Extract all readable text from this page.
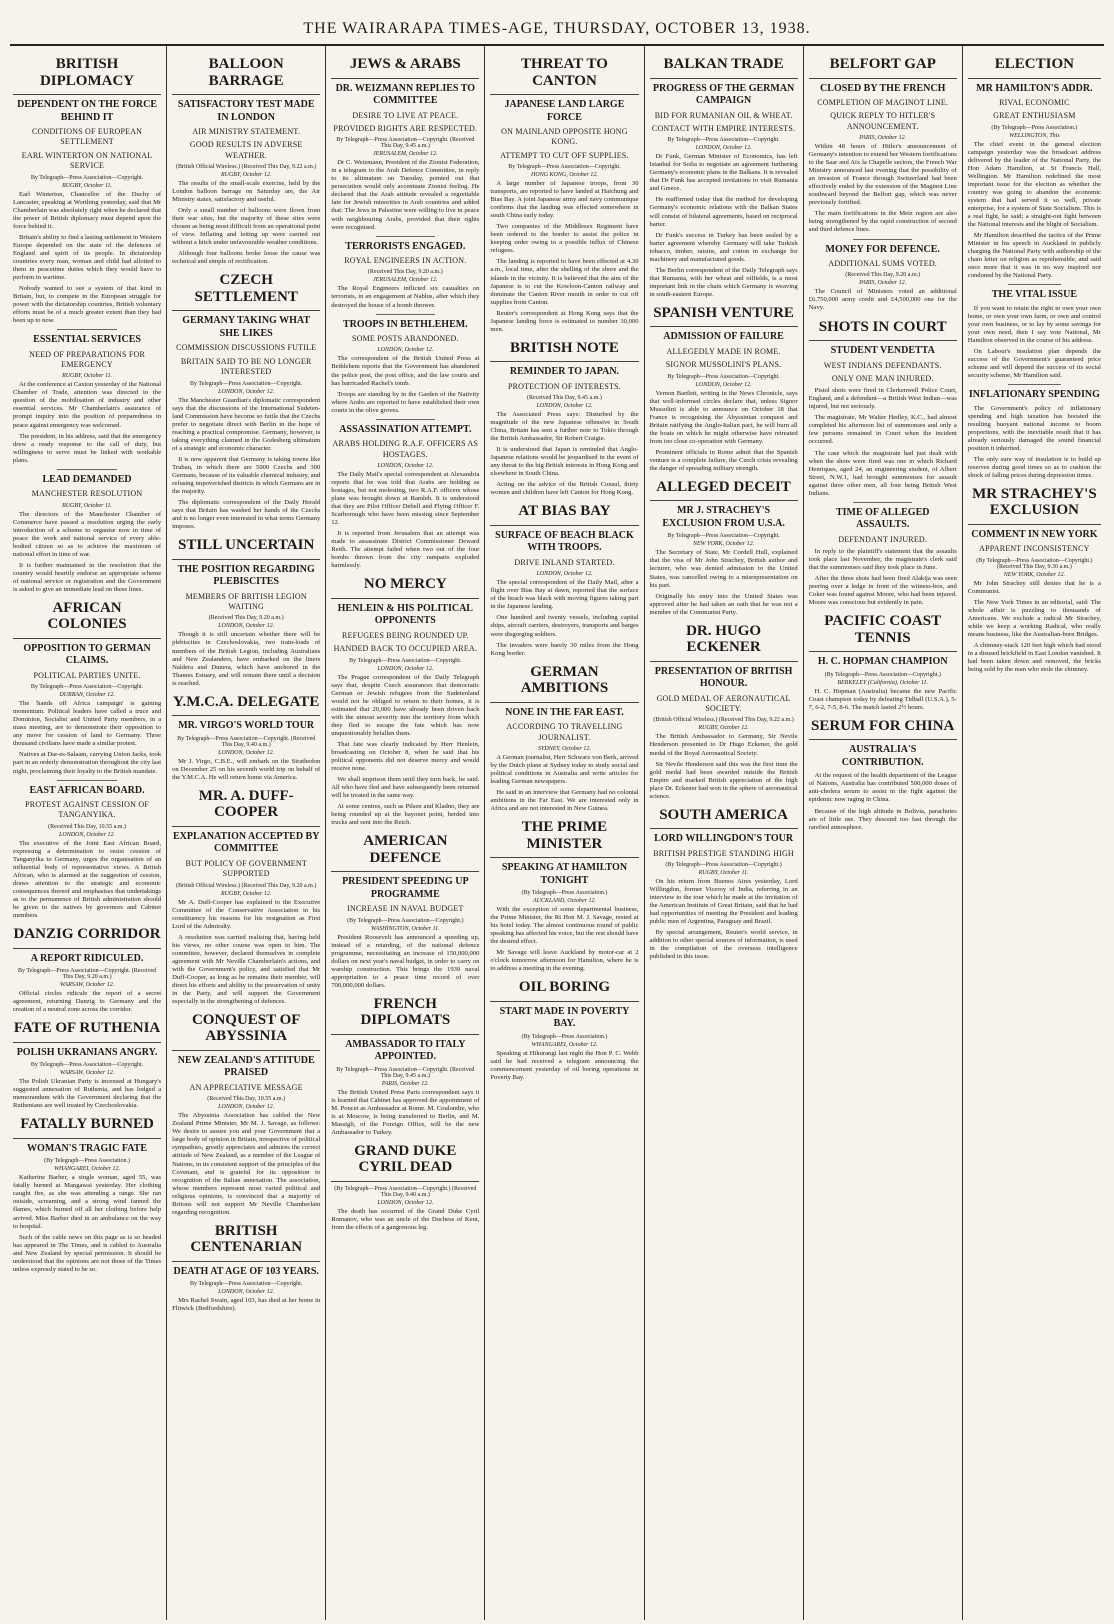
THE WAIRARAPA TIMES-AGE, THURSDAY, OCTOBER 13, 1938.
BRITISH DIPLOMACY
DEPENDENT ON THE FORCE BEHIND IT
CONDITIONS OF EUROPEAN SETTLEMENT
EARL WINTERTON ON NATIONAL SERVICE
By Telegraph—Press Association—Copyright.
RUGBY, October 11.

Earl Winterton, Chancellor of the Duchy of Lancaster, speaking at Worthing yesterday, said that Mr Chamberlain was absolutely right when he declared that the power of British diplomacy must depend upon the force behind it.

Britain's ability to find a lasting settlement in Western Europe depended on the state of the defences of England and spirit of its people. In dictatorship countries every man, woman and child had allotted to them in peacetime duties which they would have to perform in wartime.

Nobody wanted to see a system of that kind in Britain, but, to compete in the European struggle for power with the dictatorship countries, British voluntary efforts must be of a much greater extent than they had been up to now.

ESSENTIAL SERVICES
NEED OF PREPARATIONS FOR EMERGENCY
RUGBY, October 11.

At the conference at Caxton yesterday of the National Chamber of Trade, attention was directed to the question of the mobilisation of industry and other essential services. Mr Chamberlain's assurance of prompt inquiry into the position of preparedness in peace against emergency was welcomed.

The president, in his address, said that the emergency drew a ready response to the call of duty, but willingness to serve must be linked with workable plans.

LEAD DEMANDED
MANCHESTER RESOLUTION
RUGBY, October 11.

The directors of the Manchester Chamber of Commerce have passed a resolution urging the early introduction of a scheme to organise now in time of peace the work and national service of every able-bodied citizen so as to achieve the maximum of national effort in time of war.

It is further maintained in the resolution that the country would heartily endorse an appropriate scheme of national service or registration and the Government is asked to give an immediate lead on these lines.

AFRICAN COLONIES
OPPOSITION TO GERMAN CLAIMS.
POLITICAL PARTIES UNITE.
By Telegraph—Press Association—Copyright.
DURBAN, October 12.

The 'hands off Africa campaign' is gaining momentum. Political leaders have called a truce and Dominion, Socialist and United Party members, in a mass meeting, are to demonstrate their opposition to any move for cession of land to Germany. Three thousand civilians have made a similar protest.

Natives at Dar-es-Salaam, carrying Union Jacks, took part in an orderly demonstration throughout the city last night, proclaiming their loyalty to the British mandate.

EAST AFRICAN BOARD.
PROTEST AGAINST CESSION OF TANGANYIKA.
(Received This Day, 10.55 a.m.)
LONDON, October 12.

The executive of the Joint East African Board, expressing a determination to resist cession of Tanganyika to Germany, urges the organisation of an influential body of representative views. A British African, who is alarmed at the suggestion of cession, draws attention to the strategic and economic consequences thereof and emphasises that undertakings as to the permanence of British administration should be given to the natives by governors and Cabinet members.

DANZIG CORRIDOR
A REPORT RIDICULED.
By Telegraph—Press Association—Copyright. (Received This Day, 9.20 a.m.)
WARSAW, October 12.

Official circles ridicule the report of a secret agreement, returning Danzig to Germany and the creation of a neutral zone across the corridor.

FATE OF RUTHENIA
POLISH UKRANIANS ANGRY.
By Telegraph—Press Association—Copyright.
WARSAW, October 12.

The Polish Ukranian Party is incensed at Hungary's suggested annexation of Ruthenia, and has lodged a memorandum with the Government declaring that the Ruthenians are well treated by Czechoslovakia.

FATALLY BURNED
WOMAN'S TRAGIC FATE
(By Telegraph—Press Association.)
WHANGAREI, October 12.

Katherine Barber, a single woman, aged 55, was fatally burned at Mangawai yesterday. Her clothing caught fire, as she was attending a range. She ran outside, screaming, and a strong wind fanned the flames, which burned off all her clothing before help arrived. Miss Barber died in an ambulance on the way to hospital.

Such of the cable news on this page as is so headed has appeared in The Times, and is cabled to Australia and New Zealand by special permission. It should be understood that the opinions are not those of the Times unless expressly stated to be so.

BALLOON BARRAGE
SATISFACTORY TEST MADE IN LONDON
AIR MINISTRY STATEMENT.
GOOD RESULTS IN ADVERSE WEATHER.
(British Official Wireless.) (Received This Day, 9.22 a.m.)
RUGBY, October 12.

The results of the small-scale exercise, held by the London balloon barrage on Saturday are, the Air Ministry states, satisfactory and useful.

Only a small number of balloons were flown from their war sites, but the majority of these sites were chosen as being most difficult from an operational point of view. Inflating and letting up were carried out without a hitch under unfavourable weather conditions.

Although four balloons broke loose the cause was technical and simple of rectification.

CZECH SETTLEMENT
GERMANY TAKING WHAT SHE LIKES
COMMISSION DISCUSSIONS FUTILE
BRITAIN SAID TO BE NO LONGER INTERESTED
By Telegraph—Press Association—Copyright.
LONDON, October 12.

The Manchester Guardian's diplomatic correspondent says that the discussions of the International Sudeten-land Commission have become so futile that the Czechs prefer to negotiate direct with Berlin in the hope of reaching a practical compromise. Germany, however, is taking everything claimed in the Godesberg ultimatum of a strategic and economic character.

It is now apparent that Germany is taking towns like Trubau, in which there are 5000 Czechs and 300 Germans, because of its valuable chemical industry, and refusing impoverished districts in which Germans are in the majority.

The diplomatic correspondent of the Daily Herald says that Britain has washed her hands of the Czechs and is no longer even interested in what terms Germany imposes.

STILL UNCERTAIN
THE POSITION REGARDING PLEBISCITES
MEMBERS OF BRITISH LEGION WAITING
(Received This Day, 9.20 a.m.)
LONDON, October 12.

Though it is still uncertain whether there will be plebiscites in Czechoslovakia, two train-loads of members of the British Legion, including Australians and New Zealanders, have embarked on the liners Naldera and Dunera, which have anchored in the Thames Estuary, and will remain there until a decision is reached.

Y.M.C.A. DELEGATE
MR. VIRGO'S WORLD TOUR
By Telegraph—Press Association—Copyright. (Received This Day, 9.40 a.m.)
LONDON, October 12.

Mr J. Virgo, C.B.E., will embark on the Strathedon on December 25 on his seventh world trip on behalf of the Y.M.C.A. He will return home via America.

MR. A. DUFF-COOPER
EXPLANATION ACCEPTED BY COMMITTEE
BUT POLICY OF GOVERNMENT SUPPORTED
(British Official Wireless.) (Received This Day, 9.20 a.m.)
RUGBY, October 12.

Mr A. Duff-Cooper has explained to the Executive Committee of the Conservative Association in his constituency his reasons for his resignation as First Lord of the Admiralty.

A resolution was carried realising that, having held his views, no other course was open to him. The committee, however, declared themselves in complete agreement with Mr Neville Chamberlain's actions, and with the Government's policy, and satisfied that Mr Duff-Cooper, as long as he remains their member, will direct his efforts and ability to the preservation of unity in the Party, and will support the Government especially in the strengthening of defences.

CONQUEST OF ABYSSINIA
NEW ZEALAND'S ATTITUDE PRAISED
AN APPRECIATIVE MESSAGE
(Received This Day, 10.55 a.m.)
LONDON, October 12.

The Abyssinia Association has cabled the New Zealand Prime Minister, Mr M. J. Savage, as follows: We desire to assure you and your Government that a large body of opinion in Britain, irrespective of political sympathies, greatly appreciates and admires the correct attitude of New Zealand, as a member of the League of Nations, in its consistent support of the principles of the Covenant, and is grateful for its opposition to recognition of the Italian annexation. The association, whose members represent most varied political and religious opinions, is convinced that a majority of Britons will not support Mr Neville Chamberlain regarding recognition.

BRITISH CENTENARIAN
DEATH AT AGE OF 103 YEARS.
By Telegraph—Press Association—Copyright.
LONDON, October 12.

Mrs Rachel Swain, aged 103, has died at her home in Flitwick (Bedfordshire).

JEWS & ARABS
DR. WEIZMANN REPLIES TO COMMITTEE
DESIRE TO LIVE AT PEACE.
PROVIDED RIGHTS ARE RESPECTED.
By Telegraph—Press Association—Copyright. (Received This Day, 9.45 a.m.)
JERUSALEM, October 12.

Dr C. Weizmann, President of the Zionist Federation, in a telegram to the Arab Defence Committee, in reply to its ultimatum on Tuesday, pointed out that persecution would only accentuate Zionist feeling. He declared that the Arab attitude revealed a regrettable fate for Jewish minorities in Arab countries and added that: The Jews in Palestine were willing to live in peace with neighbouring Arabs, provided that their rights were recognised.

TERRORISTS ENGAGED.
ROYAL ENGINEERS IN ACTION.
(Received This Day, 9.20 a.m.)
JERUSALEM, October 12.

The Royal Engineers inflicted six casualties on terrorists, in an engagement at Nablus, after which they destroyed the house of a bomb thrower.

TROOPS IN BETHLEHEM.
SOME POSTS ABANDONED.
LONDON, October 12.

The correspondent of the British United Press at Bethlehem reports that the Government has abandoned the police post, the post office, and the law courts and has barricaded Rachel's tomb.

Troops are standing by in the Garden of the Nativity where Arabs are reported to have established their own courts in the olive groves.

ASSASSINATION ATTEMPT.
ARABS HOLDING R.A.F. OFFICERS AS HOSTAGES.
LONDON, October 12.

The Daily Mail's special correspondent at Alexandria reports that he was told that Arabs are holding as hostages, but not molesting, two R.A.F. officers whose plane was brought down at Ramleh. It is understood that they are Pilot Officer Debell and Flying Officer F. Scarborough who have been missing since September 12.

It is reported from Jerusalem that an attempt was made to assassinate District Commissioner Deward Reith. The attempt failed when two out of the four bombs thrown from the city ramparts exploded harmlessly.

NO MERCY
HENLEIN & HIS POLITICAL OPPONENTS
REFUGEES BEING ROUNDED UP.
HANDED BACK TO OCCUPIED AREA.
By Telegraph—Press Association—Copyright.
LONDON, October 12.

The Prague correspondent of the Daily Telegraph says that, despite Czech assurances that democratic German or Jewish refugees from the Sudetenland would not be obliged to return to their homes, it is estimated that 20,000 have already been driven back with the utmost severity into the territory from which they fled to escape the fate which has now unquestionably befallen them.

That fate was clearly indicated by Herr Henlein, broadcasting on October 8, when he said that his political opponents did not deserve mercy and would receive none.

We shall imprison them until they turn back, he said. All who have fled and have subsequently been returned will be treated in the same way.

At some centres, such as Pilsen and Kladno, they are being rounded up at the bayonet point, herded into trucks and sent into the Reich.

AMERICAN DEFENCE
PRESIDENT SPEEDING UP PROGRAMME
INCREASE IN NAVAL BUDGET
(By Telegraph—Press Association—Copyright.)
WASHINGTON, October 11.

President Roosevelt has announced a speeding up, instead of a retarding, of the national defence programme, necessitating an increase of 150,000,000 dollars on next year's naval budget, in order to carry on warship construction. This brings the 1939 naval appropriation to a peace time record of over 700,000,000 dollars.

FRENCH DIPLOMATS
AMBASSADOR TO ITALY APPOINTED.
By Telegraph—Press Association—Copyright. (Received This Day, 9.45 a.m.)
PARIS, October 12.

The British United Press Paris correspondent says it is learned that Cabinet has approved the appointment of M. Poncet as Ambassador at Rome. M. Coulondre, who is at Moscow, is being transferred to Berlin, and M. Massigli, of the Foreign Office, will be the new Ambassador to Turkey.

GRAND DUKE CYRIL DEAD
(By Telegraph—Press Association—Copyright.) (Received This Day, 9.40 a.m.)
LONDON, October 12.

The death has occurred of the Grand Duke Cyril Romanov, who was an uncle of the Duchess of Kent, from the effects of a gangrenous leg.

THREAT TO CANTON
JAPANESE LAND LARGE FORCE
ON MAINLAND OPPOSITE HONG KONG.
ATTEMPT TO CUT OFF SUPPLIES.
By Telegraph—Press Association—Copyright.
HONG KONG, October 12.

A large number of Japanese troops, from 30 transports, are reported to have landed at Haichung and Bias Bay. A joint Japanese army and navy communique confirms that the landing was effected somewhere in south China early today.

Two companies of the Middlesex Regiment have been ordered to the border to assist the police in keeping order owing to a possible influx of Chinese refugees.

The landing is reported to have been effected at 4.30 a.m., local time, after the shelling of the shore and the islands in the vicinity. It is believed that the aim of the Japanese is to cut the Kowloon-Canton railway and dominate the Canton River mouth in order to cut off supplies from Canton.

Reuter's correspondent at Hong Kong says that the Japanese landing force is estimated to number 30,000 men.

BRITISH NOTE
REMINDER TO JAPAN.
PROTECTION OF INTERESTS.
(Received This Day, 9.45 a.m.)
LONDON, October 12.

The Associated Press says: Disturbed by the magnitude of the new Japanese offensive in South China, Britain has sent a further note to Tokio through the British Ambassador, Sir Robert Craigie.

It is understood that Japan is reminded that Anglo-Japanese relations would be jeopardised in the event of any threat to the big British interests in Hong Kong and elsewhere in South China.

Acting on the advice of the British Consul, thirty women and children have left Canton for Hong Kong.

AT BIAS BAY
SURFACE OF BEACH BLACK WITH TROOPS.
DRIVE INLAND STARTED.
LONDON, October 12.

The special correspondent of the Daily Mail, after a flight over Bias Bay at dawn, reported that the surface of the beach was black with moving figures taking part in the Japanese landing.

One hundred and twenty vessels, including capital ships, aircraft carriers, destroyers, transports and barges were disgorging soldiers.

The invaders were barely 30 miles from the Hong Kong border.

GERMAN AMBITIONS
NONE IN THE FAR EAST.
ACCORDING TO TRAVELLING JOURNALIST.
SYDNEY, October 12.

A German journalist, Herr Schwarz von Berk, arrived by the Dutch plane at Sydney today to study social and political conditions in Australia and write articles for leading German newspapers.

He said in an interview that Germany had no colonial ambitions in the Far East. We are interested only in Africa and are not interested in New Guinea.

THE PRIME MINISTER
SPEAKING AT HAMILTON TONIGHT
(By Telegraph—Press Association.)
AUCKLAND, October 12.

With the exception of some departmental business, the Prime Minister, the Rt Hon M. J. Savage, rested at his hotel today. The almost continuous round of public speaking has affected his voice, but the rest should have the desired effect.

Mr Savage will leave Auckland by motor-car at 2 o'clock tomorrow afternoon for Hamilton, where he is to address a meeting in the evening.

OIL BORING
START MADE IN POVERTY BAY.
(By Telegraph—Press Association.)
WHANGAREI, October 12.

Speaking at Hikurangi last night the Hon P. C. Webb said he had received a telegram announcing the commencement yesterday of oil boring operations in Poverty Bay.

BALKAN TRADE
PROGRESS OF THE GERMAN CAMPAIGN
BID FOR RUMANIAN OIL & WHEAT.
CONTACT WITH EMPIRE INTERESTS.
By Telegraph—Press Association—Copyright.
LONDON, October 12.

Dr Funk, German Minister of Economics, has left Istanbul for Sofia to negotiate an agreement furthering Germany's economic plans in the Balkans. It is revealed that Dr Funk has accepted invitations to visit Rumania and Greece.

He reaffirmed today that the method for developing Germany's economic relations with the Balkan States will consist of bilateral agreements, based on reciprocal barter.

Dr Funk's success in Turkey has been sealed by a barter agreement whereby Germany will take Turkish tobacco, timber, raisins, and cotton in exchange for machinery and manufactured goods.

The Berlin correspondent of the Daily Telegraph says that Rumania, with her wheat and oilfields, is a most important link in the chain which Germany is weaving in south-eastern Europe.

SPANISH VENTURE
ADMISSION OF FAILURE
ALLEGEDLY MADE IN ROME.
SIGNOR MUSSOLINI'S PLANS.
By Telegraph—Press Association—Copyright.
LONDON, October 12.

Vernon Bartlett, writing in the News Chronicle, says that well-informed circles declare that, unless Signor Mussolini is able to announce on October 18 that France is recognising the Abyssinian conquest and Britain ratifying the Anglo-Italian pact, he will burn all the boats on which he might otherwise have retreated from too close co-operation with Germany.

Prominent officials in Rome admit that the Spanish venture is a complete failure, the Czech crisis revealing the danger of spreading military strength.

ALLEGED DECEIT
MR J. STRACHEY'S EXCLUSION FROM U.S.A.
By Telegraph—Press Association—Copyright.
NEW YORK, October 12.

The Secretary of State, Mr Cordell Hull, explained that the visa of Mr John Strachey, British author and lecturer, who was denied admission to the United States, was cancelled owing to a misrepresentation on his part.

Originally his entry into the United States was approved after he had taken an oath that he was not a member of the Communist Party.

DR. HUGO ECKENER
PRESENTATION OF BRITISH HONOUR.
GOLD MEDAL OF AERONAUTICAL SOCIETY.
(British Official Wireless.) (Received This Day, 9.22 a.m.)
RUGBY, October 12.

The British Ambassador to Germany, Sir Nevile Henderson presented to Dr Hugo Eckener, the gold medal of the Royal Aeronautical Society.

Sir Nevile Henderson said this was the first time the gold medal had been awarded outside the British Empire and marked British appreciation of the high place Dr. Eckener had won in the sphere of aeronautical science.

SOUTH AMERICA
LORD WILLINGDON'S TOUR
BRITISH PRESTIGE STANDING HIGH
(By Telegraph—Press Association—Copyright.)
RUGBY, October 11.

On his return from Buenos Aires yesterday, Lord Willingdon, former Viceroy of India, referring in an interview to the tour which he made at the invitation of the American Institute of Great Britain, said that he had had opportunities of meeting the President and leading public men of Argentina, Paraguay and Brazil.

By special arrangement, Reuter's world service, in addition to other special sources of information, is used in the compilation of the overseas intelligence published in this issue.

BELFORT GAP
CLOSED BY THE FRENCH
COMPLETION OF MAGINOT LINE.
QUICK REPLY TO HITLER'S ANNOUNCEMENT.
PARIS, October 12.

Within 48 hours of Hitler's announcement of Germany's intention to extend her Western fortifications to the Saar and Aix la Chapelle sectors, the French War Ministry announced last evening that the possibility of an invasion of France through Switzerland had been effectively ended by the extension of the Maginot Line southward beyond the Belfort gap, which was never previously fortified.

The main fortifications in the Metz region are also being strengthened by the rapid construction of second and third defence lines.

MONEY FOR DEFENCE.
ADDITIONAL SUMS VOTED.
(Received This Day, 9.20 a.m.)
PARIS, October 12.

The Council of Ministers voted an additional £6,750,000 army credit and £4,500,000 one for the Navy.

SHOTS IN COURT
STUDENT VENDETTA
WEST INDIANS DEFENDANTS.
ONLY ONE MAN INJURED.

Pistol shots were fired in Clerkenwell Police Court, England, and a defendant—a British West Indian—was injured, but not seriously.

The magistrate, Mr Walter Hedley, K.C., had almost completed his afternoon list of summonses and only a few persons remained in Court when the incident occurred.

The case which the magistrate had just dealt with when the shots were fired was one in which Richard Henriques, aged 24, an engineering student, of Albert Street, N.W.1, had brought summonses for assault against three other men, all four being British West Indians.

TIME OF ALLEGED ASSAULTS.
DEFENDANT INJURED.

In reply to the plaintiff's statement that the assaults took place last November, the magistrate's clerk said that the summonses said they took place in June.

After the three shots had been fired Alakija was seen peering over a ledge in front of the witness-box, and Coker was found against Moore, who had been injured. Moore was conscious but evidently in pain.

PACIFIC COAST TENNIS
H. C. HOPMAN CHAMPION
(By Telegraph—Press Association—Copyright.)
BERKELEY (California), October 11.

H. C. Hopman (Australia) became the new Pacific Coast champion today by defeating Tidball (U.S.A.), 5-7, 6-2, 7-5, 8-6. The match lasted 2½ hours.

SERUM FOR CHINA
AUSTRALIA'S CONTRIBUTION.

At the request of the health department of the League of Nations, Australia has contributed 500,000 doses of anti-cholera serum to assist in the fight against the epidemic now raging in China.

Because of the high altitude in Bolivia, parachutes are of little use. They descend too fast through the rarefied atmosphere.

ELECTION
MR HAMILTON'S ADDR.
RIVAL ECONOMIC
GREAT ENTHUSIASM
(By Telegraph—Press Association.)
WELLINGTON, This

The chief event in the general election campaign yesterday was the broadcast address delivered by the leader of the National Party, the Hon Adam Hamilton, at St Francis Hall, Wellington. Mr Hamilton redefined the most important issue for the election as whether the country was going to abandon the economic system that had served it so well, private enterprise, for a system of State Socialism. This is a real fight, he said; a straight-out fight between the National interests and the blight of Socialism.

Mr Hamilton described the tactics of the Prime Minister in his speech in Auckland in publicly charging the National Party with authorship of the chain letter on religion as reprehensible, and said once more that it was in no way inspired nor condoned by the National Party.

THE VITAL ISSUE

If you want to retain the right to own your own home, or own your own farm, or own and control your own business, or to lay by some savings for your own need, then I say vote National, Mr Hamilton observed in the course of his address.

On Labour's insulation plan depends the success of the Government's guaranteed price scheme and will depend the success of its social security scheme, Mr Hamilton said.

INFLATIONARY SPENDING

The Government's policy of inflationary spending and high taxation has boosted the resulting buoyant national income to boom proportions, with the inevitable result that it has already seriously damaged the sound financial position it inherited.

The only sure way of insulation is to build up reserves during good times so as to cushion the shock of falling prices during depression times.

MR STRACHEY'S EXCLUSION
COMMENT IN NEW YORK
APPARENT INCONSISTENCY
(By Telegraph—Press Association—Copyright.) (Received This Day, 9.30 a.m.)
NEW YORK, October 12.

Mr John Strachey still denies that he is a Communist.

The New York Times in an editorial, said: The whole affair is puzzling to thousands of Americans. We exclude a radical Mr Strachey, while we keep a working Radical, who really means business, like the Australian-born Bridges.

A chimney-stack 120 feet high which had stood in a disused brickfield in East London vanished. It had been taken down and removed, the bricks being sold by the man who stole the chimney.
